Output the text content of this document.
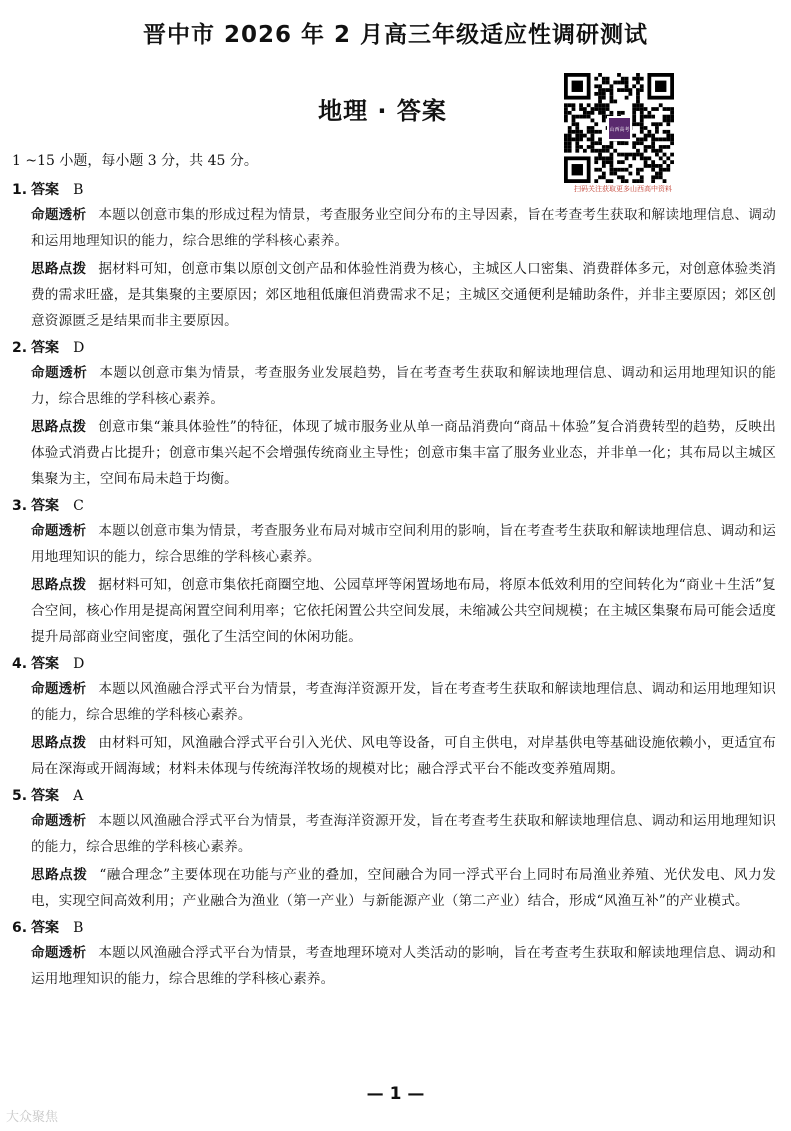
晋中市 2026 年 2 月高三年级适应性调研测试
地理 · 答案
山西高考
扫码关注获取更多山西高中资料

1 ~15 小题，每小题 3 分，共 45 分。

1. 答案 B

命题透析 本题以创意市集的形成过程为情景，考查服务业空间分布的主导因素，旨在考查考生获取和解读地理信息、调动和运用地理知识的能力，综合思维的学科核心素养。

思路点拨 据材料可知，创意市集以原创文创产品和体验性消费为核心，主城区人口密集、消费群体多元，对创意体验类消费的需求旺盛，是其集聚的主要原因；郊区地租低廉但消费需求不足；主城区交通便利是辅助条件，并非主要原因；郊区创意资源匮乏是结果而非主要原因。

2. 答案 D

命题透析 本题以创意市集为情景，考查服务业发展趋势，旨在考查考生获取和解读地理信息、调动和运用地理知识的能力，综合思维的学科核心素养。

思路点拨 创意市集“兼具体验性”的特征，体现了城市服务业从单一商品消费向“商品＋体验”复合消费转型的趋势，反映出体验式消费占比提升；创意市集兴起不会增强传统商业主导性；创意市集丰富了服务业业态，并非单一化；其布局以主城区集聚为主，空间布局未趋于均衡。

3. 答案 C

命题透析 本题以创意市集为情景，考查服务业布局对城市空间利用的影响，旨在考查考生获取和解读地理信息、调动和运用地理知识的能力，综合思维的学科核心素养。

思路点拨 据材料可知，创意市集依托商圈空地、公园草坪等闲置场地布局，将原本低效利用的空间转化为“商业＋生活”复合空间，核心作用是提高闲置空间利用率；它依托闲置公共空间发展，未缩减公共空间规模；在主城区集聚布局可能会适度提升局部商业空间密度，强化了生活空间的休闲功能。

4. 答案 D

命题透析 本题以风渔融合浮式平台为情景，考查海洋资源开发，旨在考查考生获取和解读地理信息、调动和运用地理知识的能力，综合思维的学科核心素养。

思路点拨 由材料可知，风渔融合浮式平台引入光伏、风电等设备，可自主供电，对岸基供电等基础设施依赖小，更适宜布局在深海或开阔海域；材料未体现与传统海洋牧场的规模对比；融合浮式平台不能改变养殖周期。

5. 答案 A

命题透析 本题以风渔融合浮式平台为情景，考查海洋资源开发，旨在考查考生获取和解读地理信息、调动和运用地理知识的能力，综合思维的学科核心素养。

思路点拨 “融合理念”主要体现在功能与产业的叠加，空间融合为同一浮式平台上同时布局渔业养殖、光伏发电、风力发电，实现空间高效利用；产业融合为渔业（第一产业）与新能源产业（第二产业）结合，形成“风渔互补”的产业模式。

6. 答案 B

命题透析 本题以风渔融合浮式平台为情景，考查地理环境对人类活动的影响，旨在考查考生获取和解读地理信息、调动和运用地理知识的能力，综合思维的学科核心素养。

— 1 —
大众聚焦
